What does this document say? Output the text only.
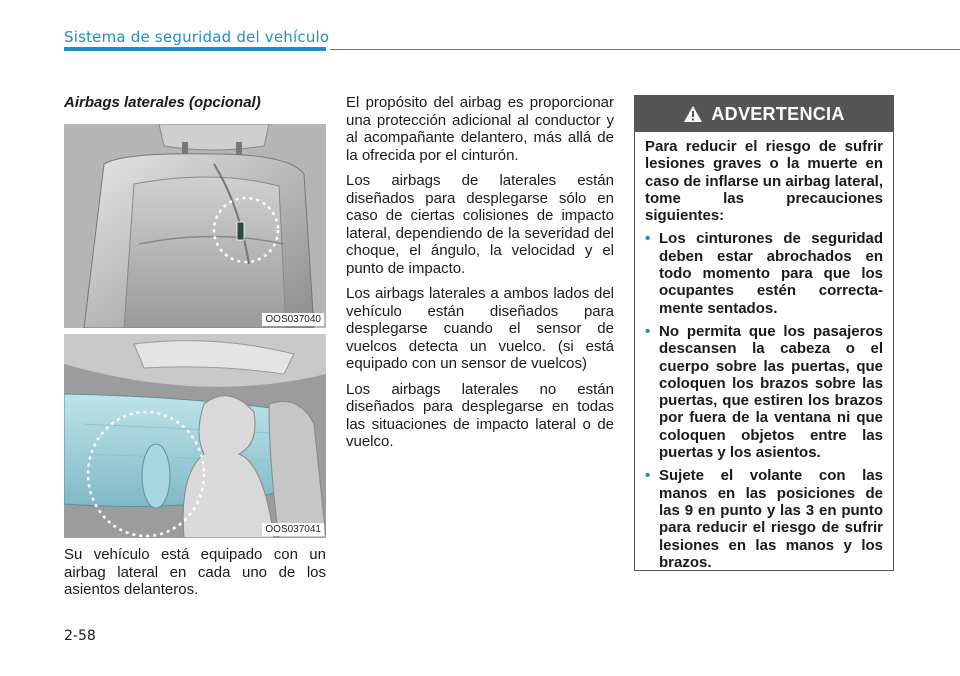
Sistema de seguridad del vehículo
Airbags laterales (opcional)
OOS037040
OOS037041

Su vehículo está equipado con un airbag lateral en cada uno de los asientos delanteros.

El propósito del airbag es proporcionar una protección adicional al conductor y al acompañante delantero, más allá de la ofrecida por el cinturón.

Los airbags de laterales están diseñados para desplegarse sólo en caso de ciertas colisiones de impacto lateral, dependiendo de la severidad del choque, el ángulo, la velocidad y el punto de impacto.

Los airbags laterales a ambos lados del vehículo están diseñados para desplegarse cuando el sensor de vuelcos detecta un vuelco. (si está equipado con un sensor de vuelcos)

Los airbags laterales no están diseñados para desplegarse en todas las situaciones de impacto lateral o de vuelco.

ADVERTENCIA

Para reducir el riesgo de sufrir lesiones graves o la muerte en caso de inflarse un airbag lateral, tome las precauciones siguientes:

• Los cinturones de seguridad deben estar abrochados en todo momento para que los ocupantes estén correcta-mente sentados.
• No permita que los pasajeros descansen la cabeza o el cuerpo sobre las puertas, que coloquen los brazos sobre las puertas, que estiren los brazos por fuera de la ventana ni que coloquen objetos entre las puertas y los asientos.
• Sujete el volante con las manos en las posiciones de las 9 en punto y las 3 en punto para reducir el riesgo de sufrir lesiones en las manos y los brazos.
2-58
